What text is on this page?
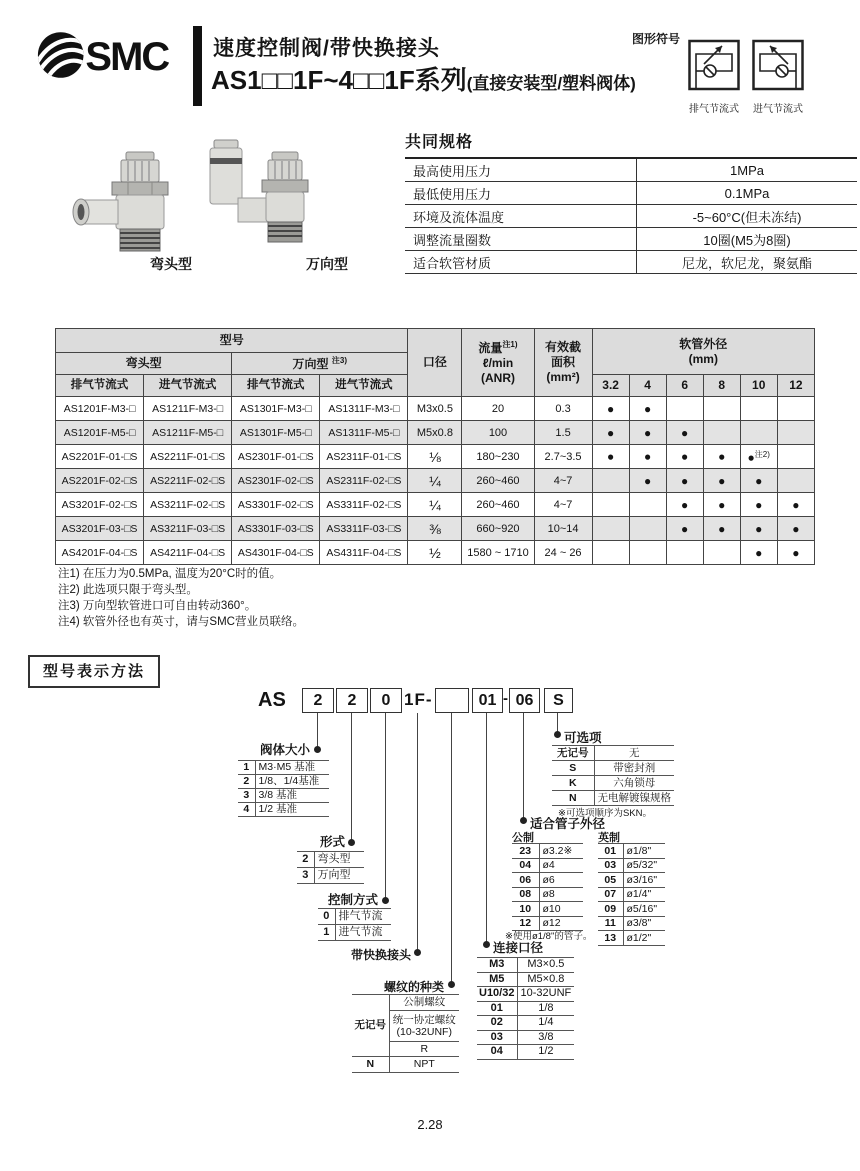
SMC 速度控制阀/带快换接头
AS1□□1F~4□□1F系列(直接安装型/塑料阀体)
图形符号
排气节流式	进气节流式
弯头型	万向型
共同规格
最高使用压力	1MPa
最低使用压力	0.1MPa
环境及流体温度	-5~60°C(但未冻结)
调整流量圈数	10圈(M5为8圈)
适合软管材质	尼龙，软尼龙，聚氨酯
型号				口径	流量$^{注1)}$
ℓ/min
(ANR)	有效截
面积
(mm²)	软管外径
(mm)					
弯头型		万向型 $^{注3)}$
排气节流式	进气节流式	排气节流式	进气节流式				3.2	4	6	8	10	12
AS1201F-M3-□	AS1211F-M3-□	AS1301F-M3-□	AS1311F-M3-□	M3x0.5	20	0.3	●	●				
AS1201F-M5-□	AS1211F-M5-□	AS1301F-M5-□	AS1311F-M5-□	M5x0.8	100	1.5	●	●	●			
AS2201F-01-□S	AS2211F-01-□S	AS2301F-01-□S	AS2311F-01-□S	⅛	180~230	2.7~3.5	●	●	●	●	●$^{注2)}$	
AS2201F-02-□S	AS2211F-02-□S	AS2301F-02-□S	AS2311F-02-□S	¼	260~460	4~7		●	●	●	●	
AS3201F-02-□S	AS3211F-02-□S	AS3301F-02-□S	AS3311F-02-□S	¼	260~460	4~7			●	●	●	●
AS3201F-03-□S	AS3211F-03-□S	AS3301F-03-□S	AS3311F-03-□S	⅜	660~920	10~14			●	●	●	●
AS4201F-04-□S	AS4211F-04-□S	AS4301F-04-□S	AS4311F-04-□S	½	1580 ~ 1710	24 ~ 26					●	●
注1) 在压力为0.5MPa, 温度为20°C时的值。
注2) 此选项只限于弯头型。
注3) 万向型软管进口可自由转动360°。
注4) 软管外径也有英寸，请与SMC营业员联络。
型号表示方法
AS	2	2	0 1F-	01 - 06	S
阀体大小
1	M3·M5 基准
2	1/8、1/4基准
3	3/8 基准
4	1/2 基准
形式
2	弯头型
3	万向型
控制方式
0	排气节流
1	进气节流
带快换接头
螺纹的种类
无记号	公制螺纹
	统一协定螺纹(10-32UNF)
	R
N	NPT
连接口径
M3	M3×0.5
M5	M5×0.8
U10/32	10-32UNF
01	1/8
02	1/4
03	3/8
04	1/2
适合管子外径
公制
23	ø3.2※
04	ø4
06	ø6
08	ø8
10	ø10
12	ø12
※使用ø1/8"的管子。
英制
01	ø1/8"
03	ø5/32"
05	ø3/16"
07	ø1/4"
09	ø5/16"
11	ø3/8"
13	ø1/2"
可选项
无记号	无
S	带密封剂
K	六角锁母
N	无电解镀镍规格
※可选项顺序为SKN。
2.28
